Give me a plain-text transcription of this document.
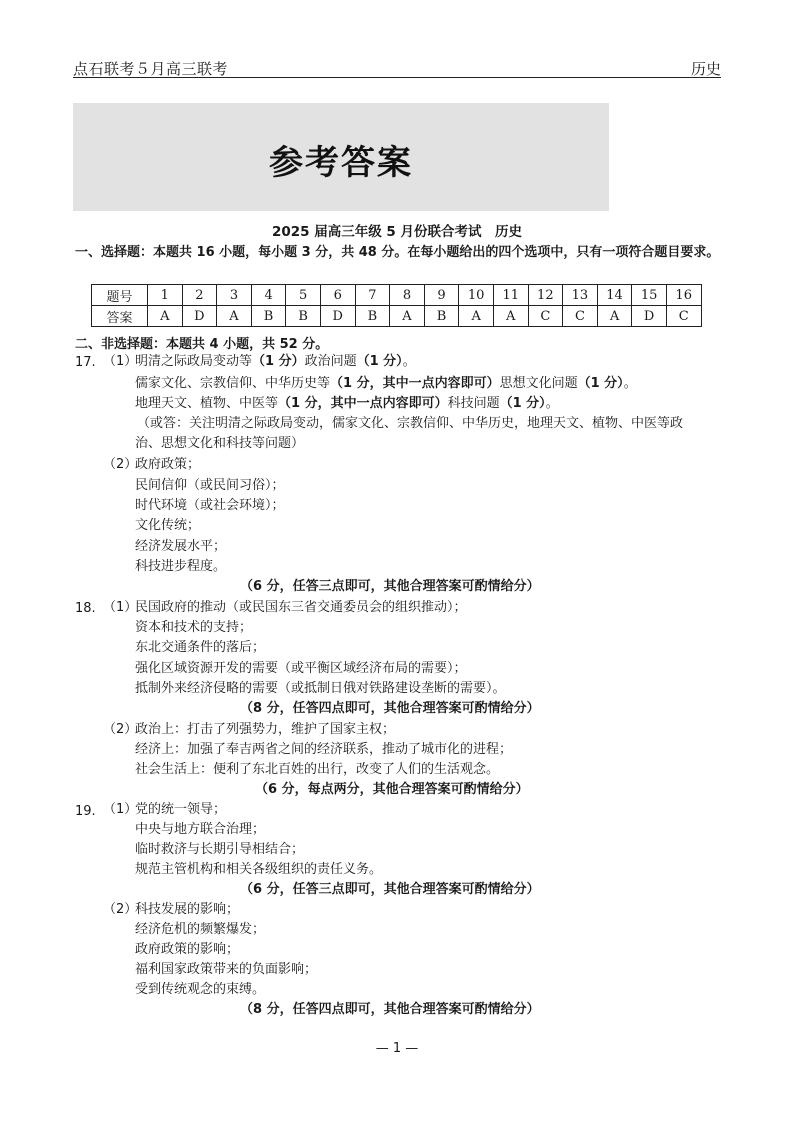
点石联考５月高三联考	历史
参考答案
2025 届高三年级 5 月份联合考试　历史
一、选择题：本题共 16 小题，每小题 3 分，共 48 分。在每小题给出的四个选项中，只有一项符合题目要求。
题号	1	2	3	4	5	6	7	8	9	10	11	12	13	14	15	16
答案	A	D	A	B	B	D	B	A	B	A	A	C	C	A	D	C
二、非选择题：本题共 4 小题，共 52 分。
17. （1）
明清之际政局变动等（1 分）政治问题（1 分）。
儒家文化、宗教信仰、中华历史等（1 分，其中一点内容即可）思想文化问题（1 分）。
地理天文、植物、中医等（1 分，其中一点内容即可）科技问题（1 分）。
（或答：关注明清之际政局变动，儒家文化、宗教信仰、中华历史，地理天文、植物、中医等政
治、思想文化和科技等问题）
（2）
政府政策；
民间信仰（或民间习俗）；
时代环境（或社会环境）；
文化传统；
经济发展水平；
科技进步程度。
（6 分，任答三点即可，其他合理答案可酌情给分）
18. （1）
民国政府的推动（或民国东三省交通委员会的组织推动）；
资本和技术的支持；
东北交通条件的落后；
强化区域资源开发的需要（或平衡区域经济布局的需要）；
抵制外来经济侵略的需要（或抵制日俄对铁路建设垄断的需要）。
（8 分，任答四点即可，其他合理答案可酌情给分）
（2）
政治上：打击了列强势力，维护了国家主权；
经济上：加强了奉吉两省之间的经济联系，推动了城市化的进程；
社会生活上：便利了东北百姓的出行，改变了人们的生活观念。
（6 分，每点两分，其他合理答案可酌情给分）
19. （1）
党的统一领导；
中央与地方联合治理；
临时救济与长期引导相结合；
规范主管机构和相关各级组织的责任义务。
（6 分，任答三点即可，其他合理答案可酌情给分）
（2）
科技发展的影响；
经济危机的频繁爆发；
政府政策的影响；
福利国家政策带来的负面影响；
受到传统观念的束缚。
（8 分，任答四点即可，其他合理答案可酌情给分）
— 1 —
